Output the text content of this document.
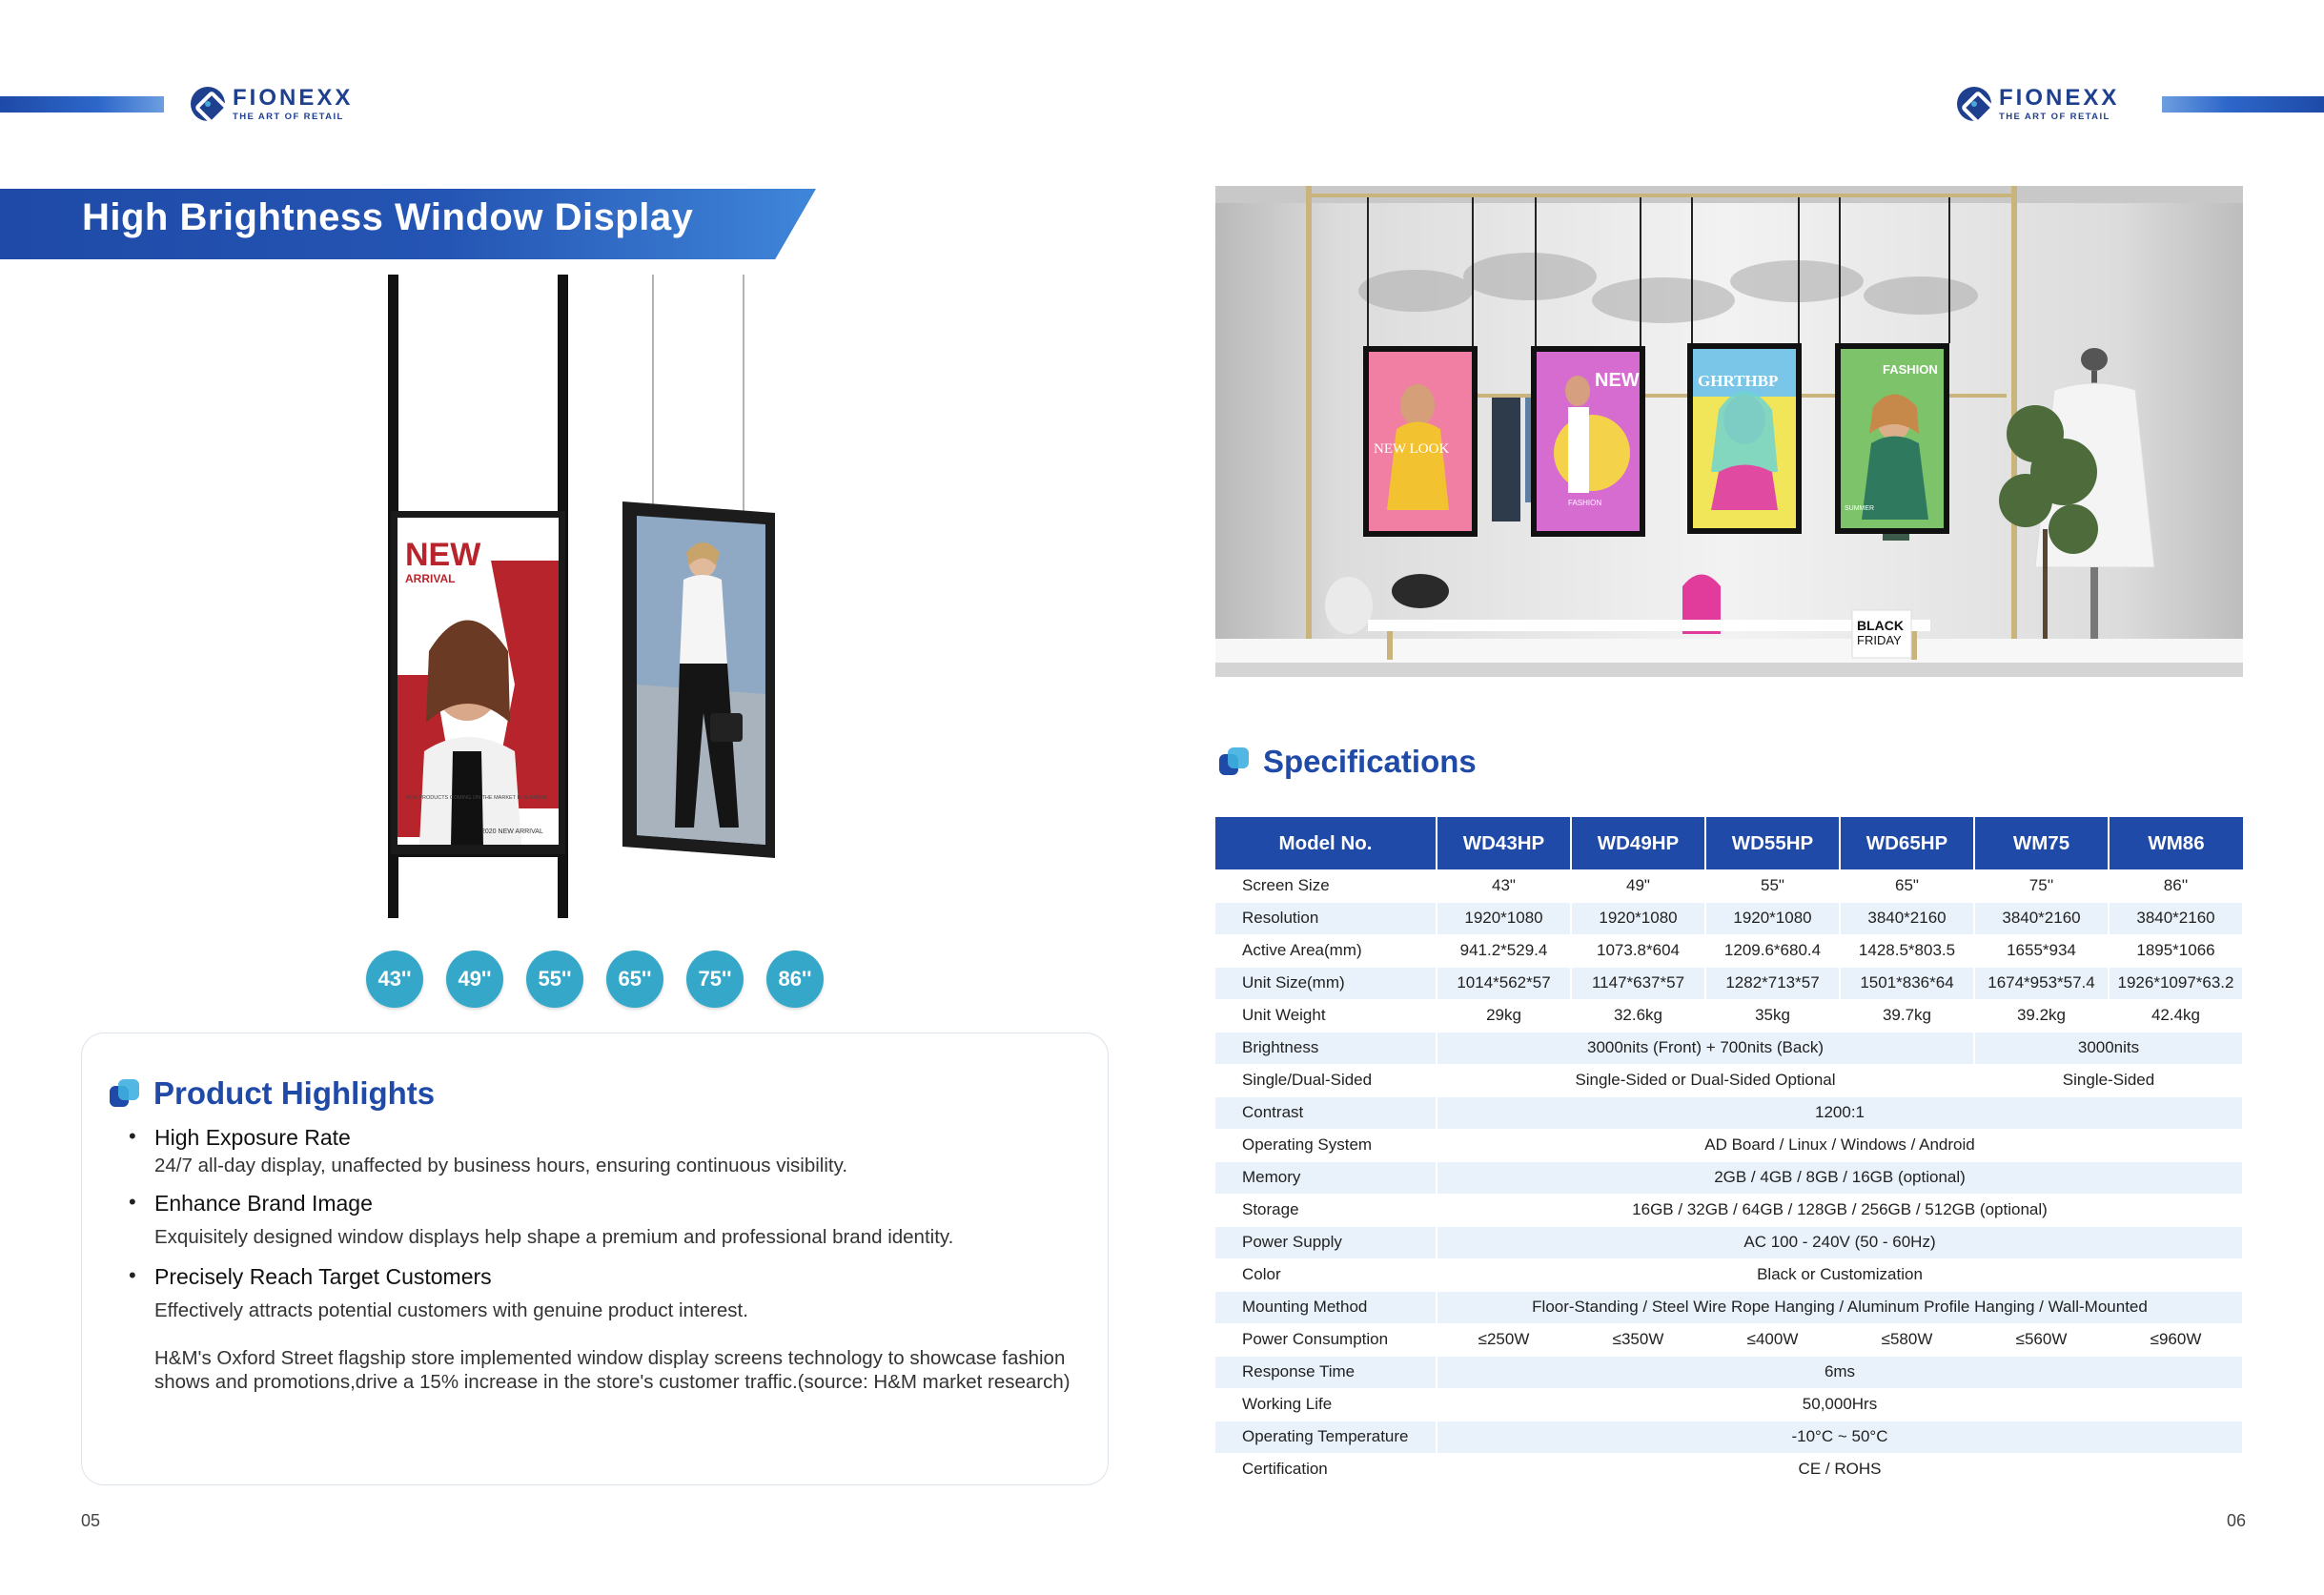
FIONEXX
THE ART OF RETAIL
FIONEXX
THE ART OF RETAIL
High Brightness Window Display
NEW
ARRIVAL
NEW PRODUCTS COMING ON THE MARKET IN SUMMER
2020 NEW ARRIVAL
43''	49''	55''	65''	75''	86''
Product Highlights
• High Exposure Rate
24/7 all-day display, unaffected by business hours, ensuring continuous visibility.
• Enhance Brand Image
Exquisitely designed window displays help shape a premium and professional brand identity.
• Precisely Reach Target Customers
Effectively attracts potential customers with genuine product interest.
H&M's Oxford Street flagship store implemented window display screens technology to showcase fashion shows and promotions,drive a 15% increase in the store's customer traffic.(source: H&M market research)
05	06
NEW LOOK
NEW
FASHION
GHRTHBP
FASHION
SUMMER
BLACK
FRIDAY
Specifications
Model No.	WD43HP	WD49HP	WD55HP	WD65HP	WM75	WM86
Screen Size	43"	49"	55"	65"	75''	86''
Resolution	1920*1080	1920*1080	1920*1080	3840*2160	3840*2160	3840*2160
Active Area(mm)	941.2*529.4	1073.8*604	1209.6*680.4	1428.5*803.5	1655*934	1895*1066
Unit Size(mm)	1014*562*57	1147*637*57	1282*713*57	1501*836*64	1674*953*57.4	1926*1097*63.2
Unit Weight	29kg	32.6kg	35kg	39.7kg	39.2kg	42.4kg
Brightness	3000nits (Front) + 700nits (Back)				3000nits	
Single/Dual-Sided	Single-Sided or Dual-Sided Optional				Single-Sided	
Contrast	1200:1					
Operating System	AD Board / Linux / Windows / Android					
Memory	2GB / 4GB / 8GB / 16GB (optional)					
Storage	16GB / 32GB / 64GB / 128GB / 256GB / 512GB (optional)					
Power Supply	AC 100 - 240V (50 - 60Hz)					
Color	Black or Customization					
Mounting Method	Floor-Standing / Steel Wire Rope Hanging / Aluminum Profile Hanging / Wall-Mounted					
Power Consumption	≤250W	≤350W	≤400W	≤580W	≤560W	≤960W
Response Time	6ms					
Working Life	50,000Hrs					
Operating Temperature	-10°C ~ 50°C					
Certification	CE / ROHS					
